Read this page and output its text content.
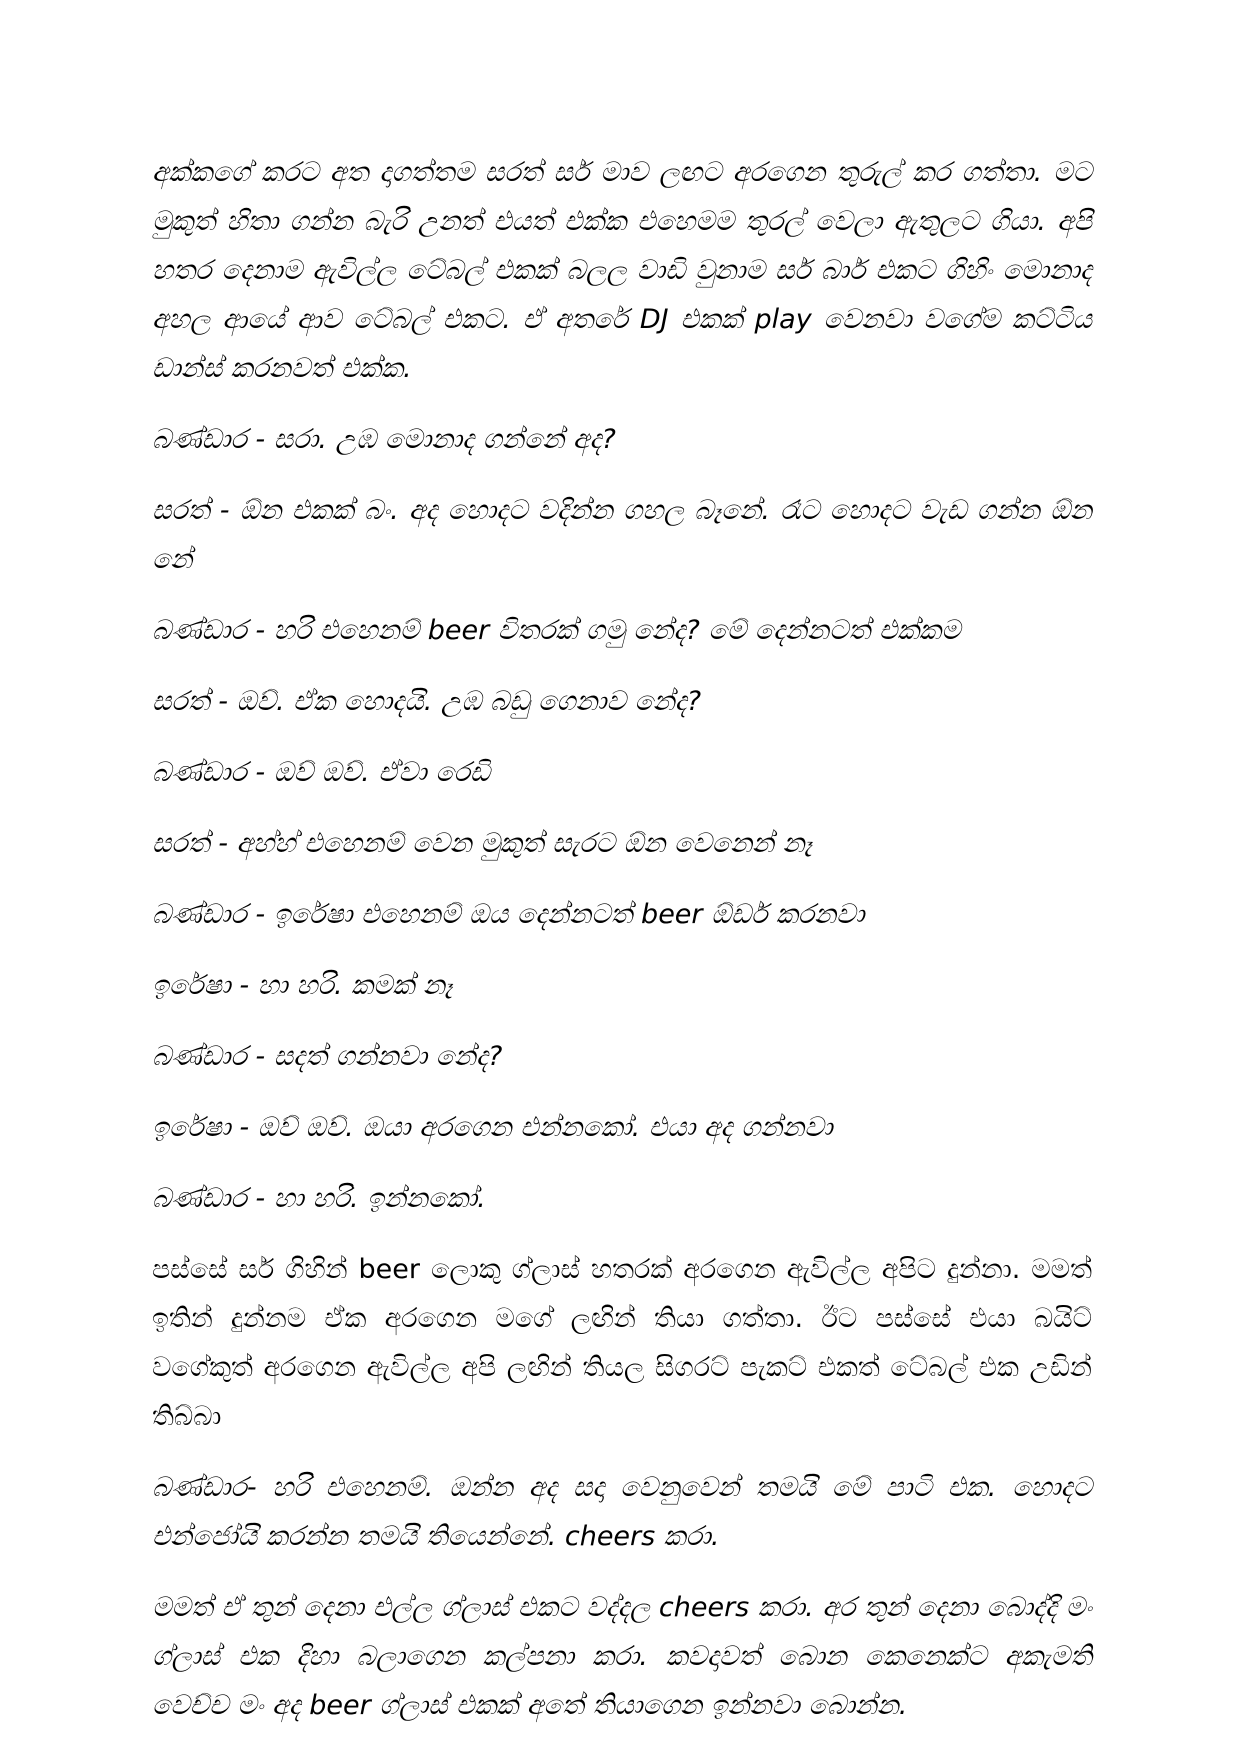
අක්කගේ කරට අත දාගත්තම සරත් සර් මාව ලඟට අරගෙන තුරුල් කර ගත්තා. මට මුකුත් හිතා ගන්න බැරි උනත් එයත් එක්ක එහෙමම තුරල් වෙලා ඇතුලට ගියා. අපි හතර දෙනාම ඇවිල්ල ටේබල් එකක් බලල වාඩි වුනාම සර් බාර් එකට ගිහිං මොනාද අහල ආයේ ආව ටේබල් එකට. ඒ අතරේ DJ එකක් play වෙනවා වගේම කට්ටිය ඩාන්ස් කරනවත් එක්ක.

බණ්ඩාර - සරා. උඹ මොනාද ගන්නේ අද?

සරත් - ඕන එකක් බං. අද හොදට වදින්න ගහල බෑනේ. රෑට හොදට වැඩ ගන්න ඕන නේ

බණ්ඩාර - හරි එහෙනම් beer විතරක් ගමු නේද? මේ දෙන්නටත් එක්කම

සරත් - ඔව්. ඒක හොදයි. උඹ බඩු ගෙනාව නේද?

බණ්ඩාර - ඔව් ඔව්. ඒවා රෙඩි

සරත් - අහ්හ් එහෙනම් වෙන මුකුත් සැරට ඕන වෙනෙන් නෑ

බණ්ඩාර - ඉරේෂා එහෙනම් ඔය දෙන්නටත් beer ඕඩර් කරනවා

ඉරේෂා - හා හරි. කමක් නෑ

බණ්ඩාර - සදත් ගන්නවා නේද?

ඉරේෂා - ඔව් ඔව්. ඔයා අරගෙන එන්නකෝ. එයා අද ගන්නවා

බණ්ඩාර - හා හරි. ඉන්නකෝ.

පස්සේ සර් ගිහින් beer ලොකු ග්ලාස් හතරක් අරගෙන ඇවිල්ල අපිට දුන්නා. මමත් ඉතින් දුන්නම ඒක අරගෙන මගේ ලඟින් තියා ගත්තා. ඊට පස්සේ එයා බයිට් වගේකුත් අරගෙන ඇවිල්ල අපි ලඟින් තියල සිගරට් පැකට් එකත් ටේබල් එක උඩින් තිබ්බා

බණ්ඩාර- හරි එහෙනම්. ඔන්න අද සදා වෙනුවෙන් තමයි මේ පාටි එක. හොදට එන්ජෝයි කරන්න තමයි තියෙන්නේ. cheers කරා.

මමත් ඒ තුන් දෙනා එල්ල ග්ලාස් එකට වද්දල cheers කරා. අර තුන් දෙනා බොද්දි මං ග්ලාස් එක දිහා බලාගෙන කල්පනා කරා. කවදාවත් බොන කෙනෙක්ට අකැමති වෙච්ච මං අද beer ග්ලාස් එකක් අතේ තියාගෙන ඉන්නවා බොන්න.
